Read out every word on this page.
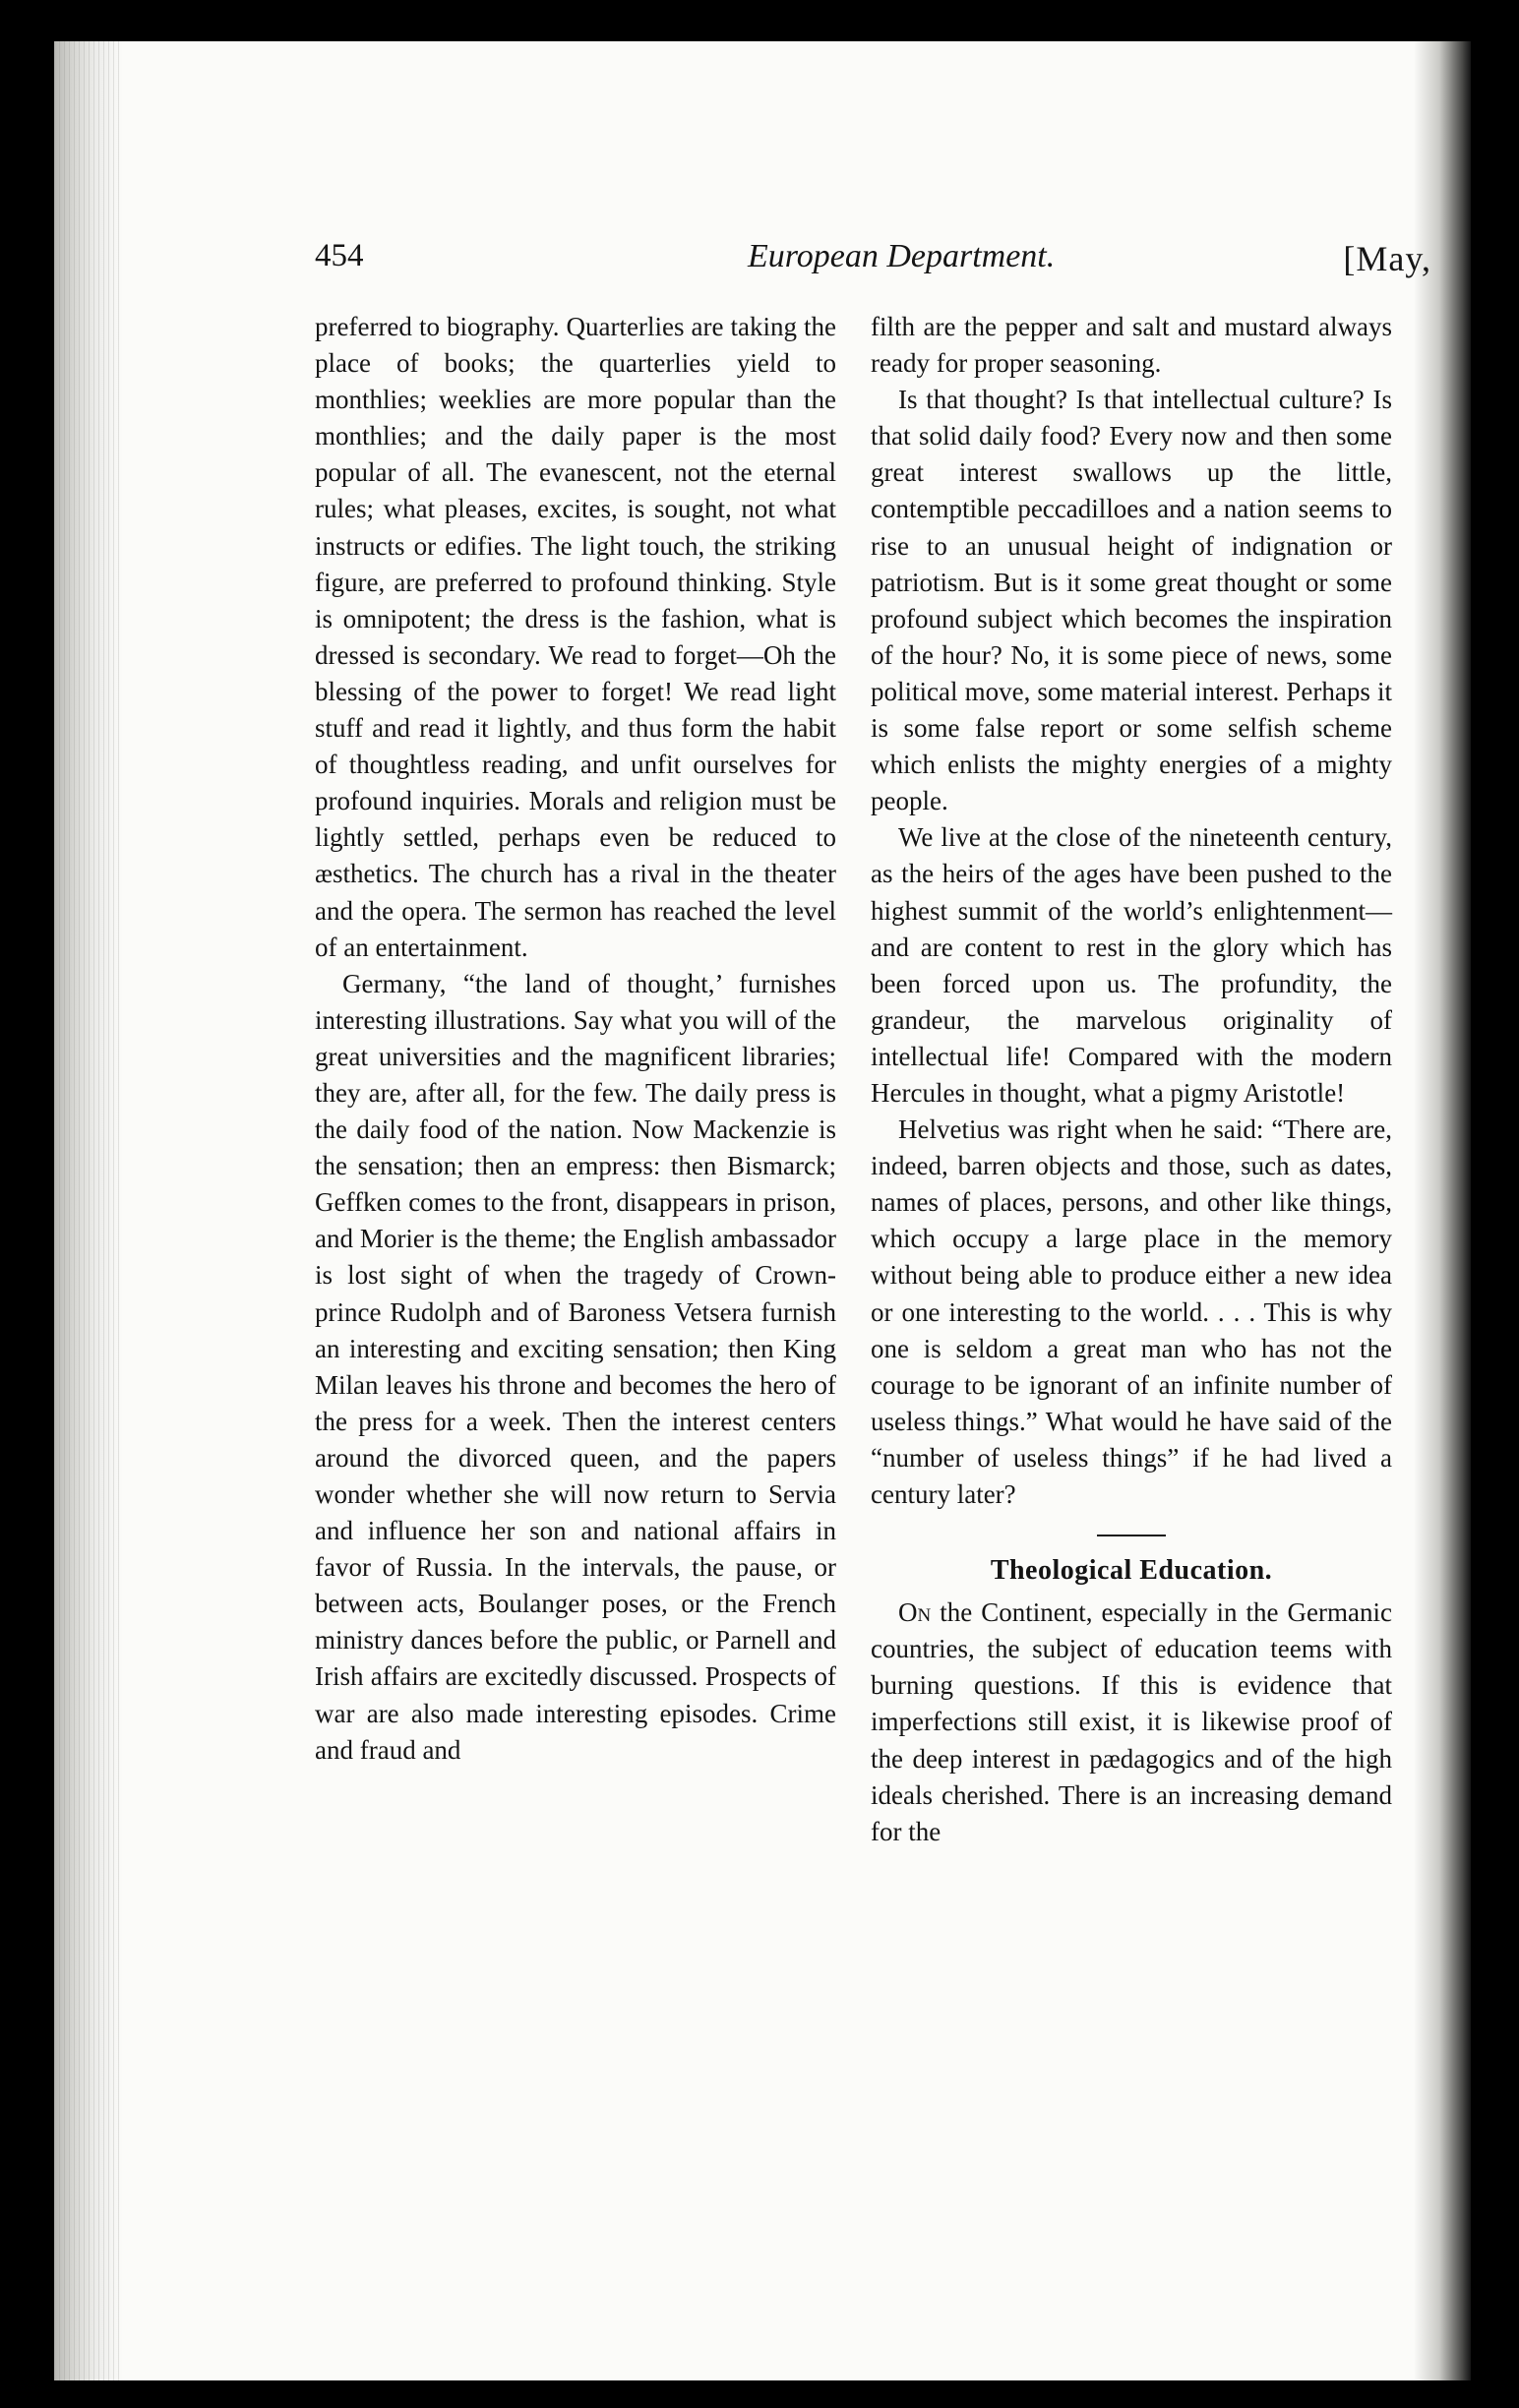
454	European Department.	[May,

preferred to biography. Quarterlies are taking the place of books; the quarterlies yield to monthlies; weeklies are more popular than the monthlies; and the daily paper is the most popular of all. The evanescent, not the eternal rules; what pleases, excites, is sought, not what instructs or edifies. The light touch, the striking figure, are preferred to profound thinking. Style is omnipotent; the dress is the fashion, what is dressed is secondary. We read to forget—Oh the blessing of the power to forget! We read light stuff and read it lightly, and thus form the habit of thoughtless reading, and unfit ourselves for profound inquiries. Morals and religion must be lightly settled, perhaps even be reduced to æsthetics. The church has a rival in the theater and the opera. The sermon has reached the level of an entertainment.

Germany, “the land of thought,’ furnishes interesting illustrations. Say what you will of the great universities and the magnificent libraries; they are, after all, for the few. The daily press is the daily food of the nation. Now Mackenzie is the sensation; then an empress: then Bismarck; Geffken comes to the front, disappears in prison, and Morier is the theme; the English ambassador is lost sight of when the tragedy of Crown-prince Rudolph and of Baroness Vetsera furnish an interesting and exciting sensation; then King Milan leaves his throne and becomes the hero of the press for a week. Then the interest centers around the divorced queen, and the papers wonder whether she will now return to Servia and influence her son and national affairs in favor of Russia. In the intervals, the pause, or between acts, Boulanger poses, or the French ministry dances before the public, or Parnell and Irish affairs are excitedly discussed. Prospects of war are also made interesting episodes. Crime and fraud and

filth are the pepper and salt and mustard always ready for proper seasoning.

Is that thought? Is that intellectual culture? Is that solid daily food? Every now and then some great interest swallows up the little, contemptible peccadilloes and a nation seems to rise to an unusual height of indignation or patriotism. But is it some great thought or some profound subject which becomes the inspiration of the hour? No, it is some piece of news, some political move, some material interest. Perhaps it is some false report or some selfish scheme which enlists the mighty energies of a mighty people.

We live at the close of the nineteenth century, as the heirs of the ages have been pushed to the highest summit of the world’s enlightenment—and are content to rest in the glory which has been forced upon us. The profundity, the grandeur, the marvelous originality of intellectual life! Compared with the modern Hercules in thought, what a pigmy Aristotle!

Helvetius was right when he said: “There are, indeed, barren objects and those, such as dates, names of places, persons, and other like things, which occupy a large place in the memory without being able to produce either a new idea or one interesting to the world. . . . This is why one is seldom a great man who has not the courage to be ignorant of an infinite number of useless things.” What would he have said of the “number of useless things” if he had lived a century later?

Theological Education.

On the Continent, especially in the Germanic countries, the subject of education teems with burning questions. If this is evidence that imperfections still exist, it is likewise proof of the deep interest in pædagogics and of the high ideals cherished. There is an increasing demand for the
